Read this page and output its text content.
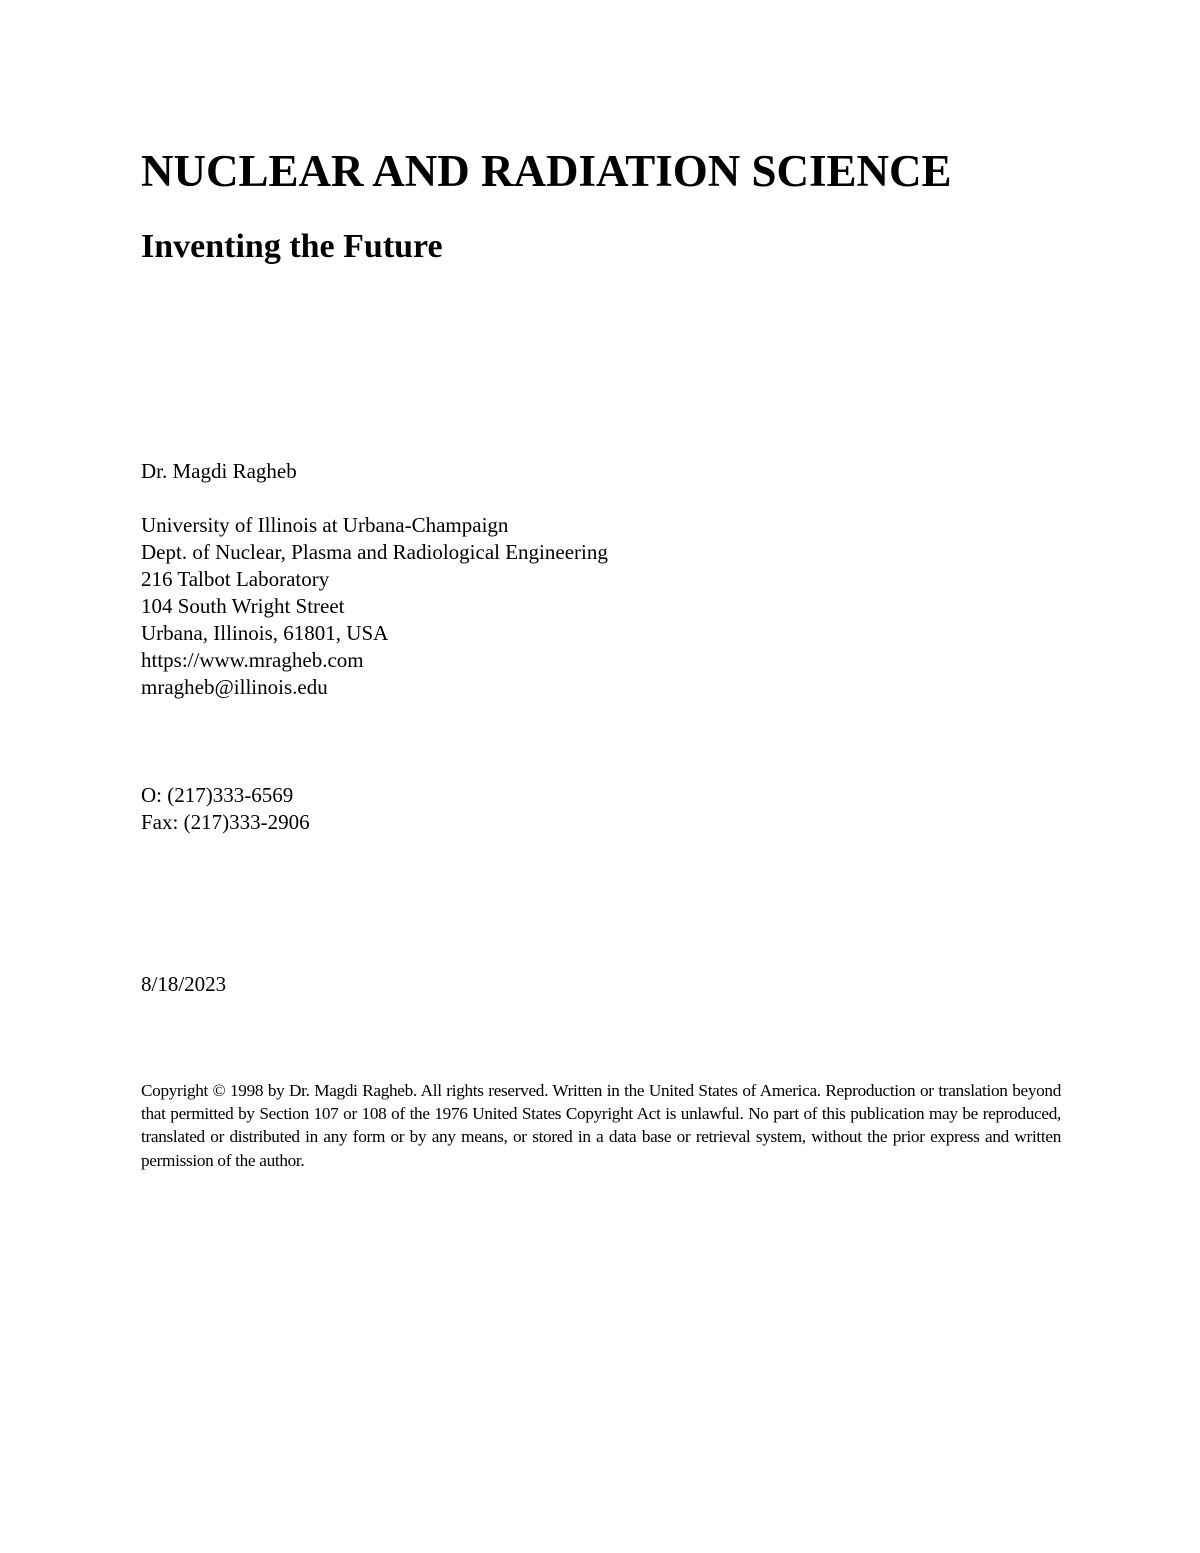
NUCLEAR AND RADIATION SCIENCE
Inventing the Future

Dr. Magdi Ragheb

University of Illinois at Urbana-Champaign
Dept. of Nuclear, Plasma and Radiological Engineering
216 Talbot Laboratory
104 South Wright Street
Urbana, Illinois, 61801, USA
https://www.mragheb.com
mragheb@illinois.edu
O: (217)333-6569
Fax: (217)333-2906

8/18/2023

Copyright © 1998 by Dr. Magdi Ragheb. All rights reserved. Written in the United States of America. Reproduction or translation beyond that permitted by Section 107 or 108 of the 1976 United States Copyright Act is unlawful. No part of this publication may be reproduced, translated or distributed in any form or by any means, or stored in a data base or retrieval system, without the prior express and written permission of the author.
